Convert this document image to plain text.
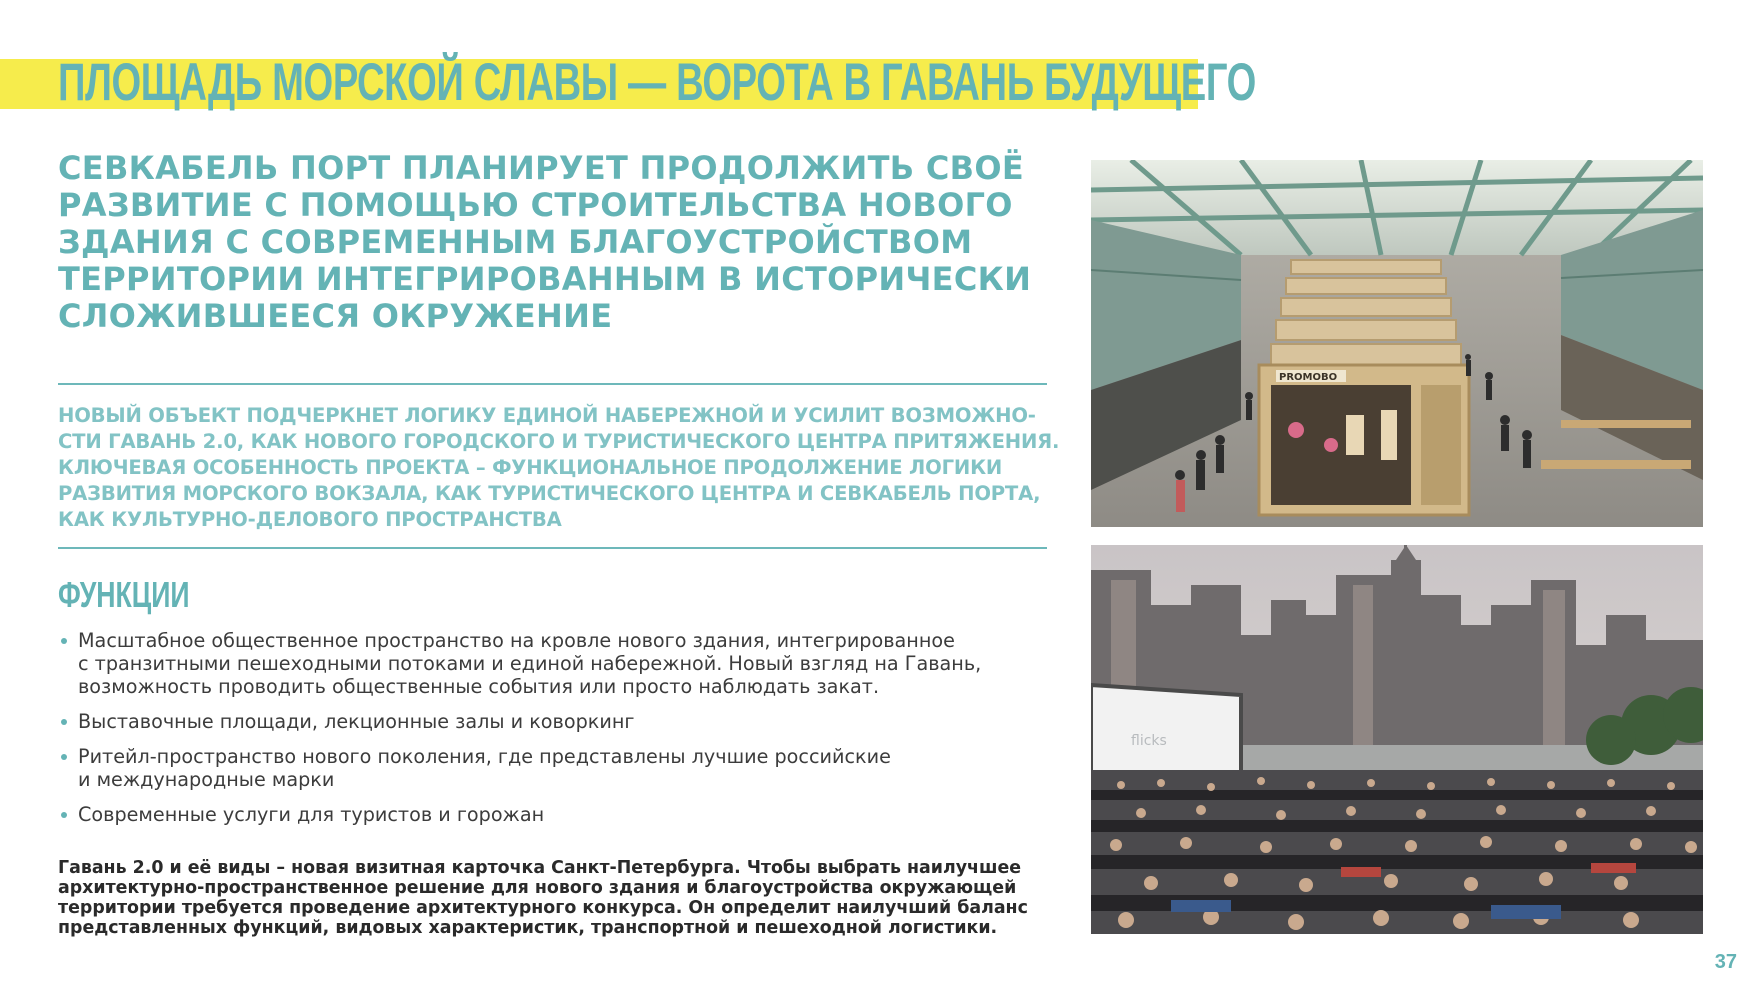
ПЛОЩАДЬ МОРСКОЙ СЛАВЫ — ВОРОТА В ГАВАНЬ БУДУЩЕГО

СЕВКАБЕЛЬ ПОРТ ПЛАНИРУЕТ ПРОДОЛЖИТЬ СВОЁ
РАЗВИТИЕ С ПОМОЩЬЮ СТРОИТЕЛЬСТВА НОВОГО
ЗДАНИЯ С СОВРЕМЕННЫМ БЛАГОУСТРОЙСТВОМ
ТЕРРИТОРИИ ИНТЕГРИРОВАННЫМ В ИСТОРИЧЕСКИ
СЛОЖИВШЕЕСЯ ОКРУЖЕНИЕ

НОВЫЙ ОБЪЕКТ ПОДЧЕРКНЕТ ЛОГИКУ ЕДИНОЙ НАБЕРЕЖНОЙ И УСИЛИТ ВОЗМОЖНО-
СТИ ГАВАНЬ 2.0, КАК НОВОГО ГОРОДСКОГО И ТУРИСТИЧЕСКОГО ЦЕНТРА ПРИТЯЖЕНИЯ.
КЛЮЧЕВАЯ ОСОБЕННОСТЬ ПРОЕКТА – ФУНКЦИОНАЛЬНОЕ ПРОДОЛЖЕНИЕ ЛОГИКИ
РАЗВИТИЯ МОРСКОГО ВОКЗАЛА, КАК ТУРИСТИЧЕСКОГО ЦЕНТРА И СЕВКАБЕЛЬ ПОРТА,
КАК КУЛЬТУРНО-ДЕЛОВОГО ПРОСТРАНСТВА

ФУНКЦИИ
Масштабное общественное пространство на кровле нового здания, интегрированное
с транзитными пешеходными потоками и единой набережной. Новый взгляд на Гавань,
возможность проводить общественные события или просто наблюдать закат.
Выставочные площади, лекционные залы и коворкинг
Ритейл-пространство нового поколения, где представлены лучшие российские
и международные марки
Современные услуги для туристов и горожан

Гавань 2.0 и её виды – новая визитная карточка Санкт-Петербурга. Чтобы выбрать наилучшее
архитектурно-пространственное решение для нового здания и благоустройства окружающей
территории требуется проведение архитектурного конкурса. Он определит наилучший баланс
представленных функций, видовых характеристик, транспортной и пешеходной логистики.

PROMOBO
flicks
37
